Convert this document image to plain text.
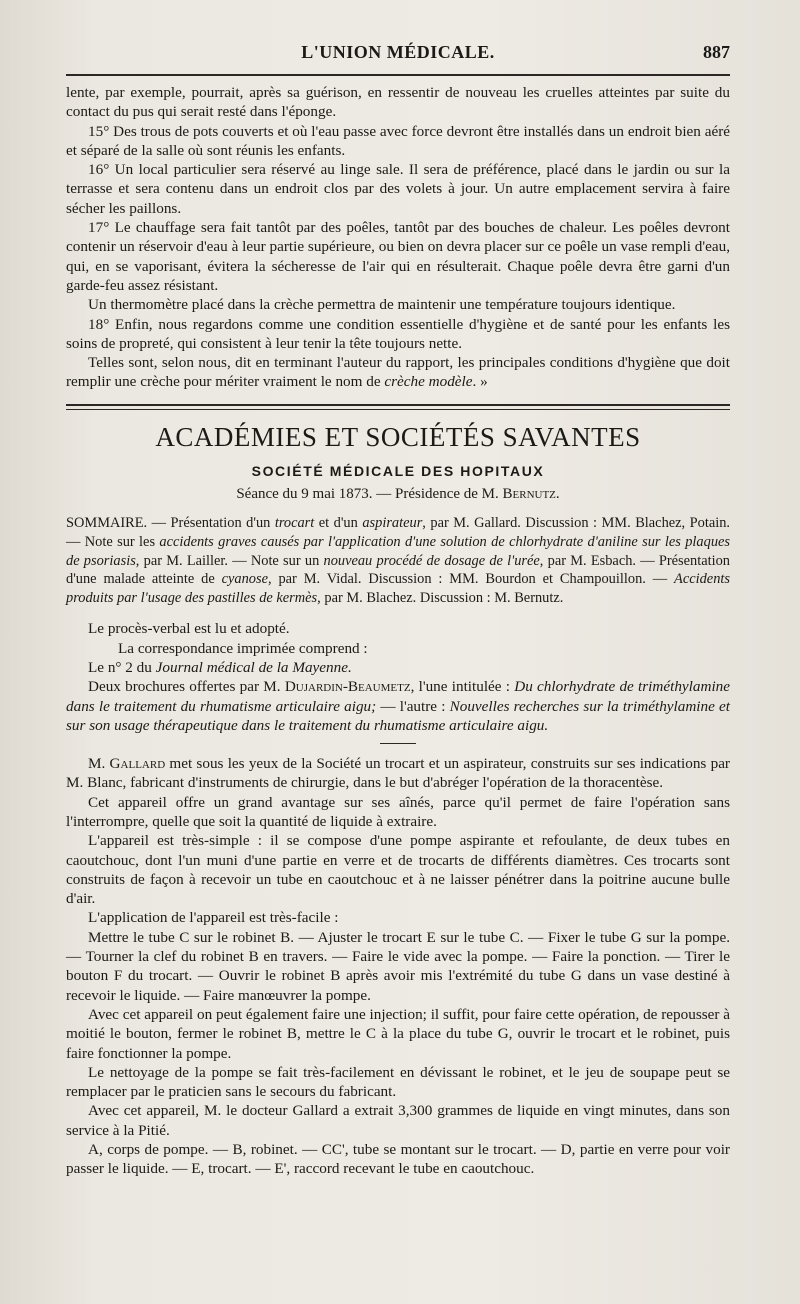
L'UNION MÉDICALE.	887

lente, par exemple, pourrait, après sa guérison, en ressentir de nouveau les cruelles atteintes par suite du contact du pus qui serait resté dans l'éponge.

15° Des trous de pots couverts et où l'eau passe avec force devront être installés dans un endroit bien aéré et séparé de la salle où sont réunis les enfants.

16° Un local particulier sera réservé au linge sale. Il sera de préférence, placé dans le jardin ou sur la terrasse et sera contenu dans un endroit clos par des volets à jour. Un autre emplacement servira à faire sécher les paillons.

17° Le chauffage sera fait tantôt par des poêles, tantôt par des bouches de chaleur. Les poêles devront contenir un réservoir d'eau à leur partie supérieure, ou bien on devra placer sur ce poêle un vase rempli d'eau, qui, en se vaporisant, évitera la sécheresse de l'air qui en résulterait. Chaque poêle devra être garni d'un garde-feu assez résistant.

Un thermomètre placé dans la crèche permettra de maintenir une température toujours identique.

18° Enfin, nous regardons comme une condition essentielle d'hygiène et de santé pour les enfants les soins de propreté, qui consistent à leur tenir la tête toujours nette.

Telles sont, selon nous, dit en terminant l'auteur du rapport, les principales conditions d'hygiène que doit remplir une crèche pour mériter vraiment le nom de crèche modèle. »

ACADÉMIES ET SOCIÉTÉS SAVANTES
SOCIÉTÉ MÉDICALE DES HOPITAUX
Séance du 9 mai 1873. — Présidence de M. Bernutz.
SOMMAIRE. — Présentation d'un trocart et d'un aspirateur, par M. Gallard. Discussion : MM. Blachez, Potain. — Note sur les accidents graves causés par l'application d'une solution de chlorhydrate d'aniline sur les plaques de psoriasis, par M. Lailler. — Note sur un nouveau procédé de dosage de l'urée, par M. Esbach. — Présentation d'une malade atteinte de cyanose, par M. Vidal. Discussion : MM. Bourdon et Champouillon. — Accidents produits par l'usage des pastilles de kermès, par M. Blachez. Discussion : M. Bernutz.

Le procès-verbal est lu et adopté.

La correspondance imprimée comprend :

Le n° 2 du Journal médical de la Mayenne.

Deux brochures offertes par M. Dujardin-Beaumetz, l'une intitulée : Du chlorhydrate de triméthylamine dans le traitement du rhumatisme articulaire aigu; — l'autre : Nouvelles recherches sur la triméthylamine et sur son usage thérapeutique dans le traitement du rhumatisme articulaire aigu.

M. Gallard met sous les yeux de la Société un trocart et un aspirateur, construits sur ses indications par M. Blanc, fabricant d'instruments de chirurgie, dans le but d'abréger l'opération de la thoracentèse.

Cet appareil offre un grand avantage sur ses aînés, parce qu'il permet de faire l'opération sans l'interrompre, quelle que soit la quantité de liquide à extraire.

L'appareil est très-simple : il se compose d'une pompe aspirante et refoulante, de deux tubes en caoutchouc, dont l'un muni d'une partie en verre et de trocarts de différents diamètres. Ces trocarts sont construits de façon à recevoir un tube en caoutchouc et à ne laisser pénétrer dans la poitrine aucune bulle d'air.

L'application de l'appareil est très-facile :

Mettre le tube C sur le robinet B. — Ajuster le trocart E sur le tube C. — Fixer le tube G sur la pompe. — Tourner la clef du robinet B en travers. — Faire le vide avec la pompe. — Faire la ponction. — Tirer le bouton F du trocart. — Ouvrir le robinet B après avoir mis l'extrémité du tube G dans un vase destiné à recevoir le liquide. — Faire manœuvrer la pompe.

Avec cet appareil on peut également faire une injection; il suffit, pour faire cette opération, de repousser à moitié le bouton, fermer le robinet B, mettre le C à la place du tube G, ouvrir le trocart et le robinet, puis faire fonctionner la pompe.

Le nettoyage de la pompe se fait très-facilement en dévissant le robinet, et le jeu de soupape peut se remplacer par le praticien sans le secours du fabricant.

Avec cet appareil, M. le docteur Gallard a extrait 3,300 grammes de liquide en vingt minutes, dans son service à la Pitié.

A, corps de pompe. — B, robinet. — CC', tube se montant sur le trocart. — D, partie en verre pour voir passer le liquide. — E, trocart. — E', raccord recevant le tube en caoutchouc.
